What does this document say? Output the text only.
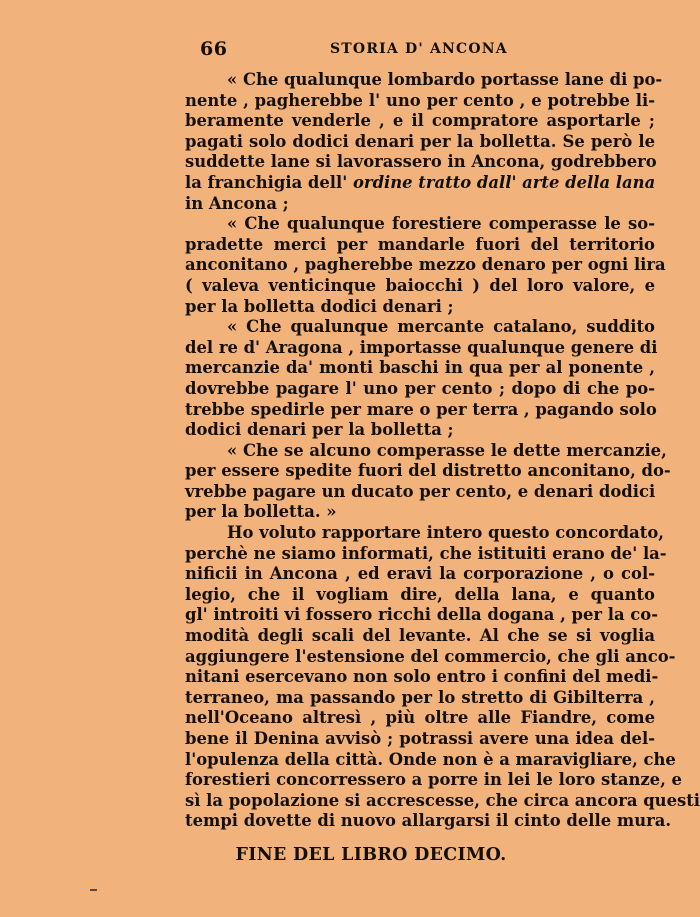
66	STORIA D' ANCONA
« Che qualunque lombardo portasse lane di po-
nente , pagherebbe l' uno per cento , e potrebbe li-
beramente venderle , e il compratore asportarle ;
pagati solo dodici denari per la bolletta. Se però le
suddette lane si lavorassero in Ancona, godrebbero
la franchigia dell' ordine tratto dall' arte della lana
in Ancona ;
« Che qualunque forestiere comperasse le so-
pradette merci per mandarle fuori del territorio
anconitano , pagherebbe mezzo denaro per ogni lira
( valeva venticinque baiocchi ) del loro valore, e
per la bolletta dodici denari ;
« Che qualunque mercante catalano, suddito
del re d' Aragona , importasse qualunque genere di
mercanzie da' monti baschi in qua per al ponente ,
dovrebbe pagare l' uno per cento ; dopo di che po-
trebbe spedirle per mare o per terra , pagando solo
dodici denari per la bolletta ;
« Che se alcuno comperasse le dette mercanzie,
per essere spedite fuori del distretto anconitano, do-
vrebbe pagare un ducato per cento, e denari dodici
per la bolletta. »
Ho voluto rapportare intero questo concordato,
perchè ne siamo informati, che istituiti erano de' la-
nificii in Ancona , ed eravi la corporazione , o col-
legio, che il vogliam dire, della lana, e quanto
gl' introiti vi fossero ricchi della dogana , per la co-
modità degli scali del levante. Al che se si voglia
aggiungere l'estensione del commercio, che gli anco-
nitani esercevano non solo entro i confini del medi-
terraneo, ma passando per lo stretto di Gibilterra ,
nell'Oceano altresì , più oltre alle Fiandre, come
bene il Denina avvisò ; potrassi avere una idea del-
l'opulenza della città. Onde non è a maravigliare, che
forestieri concorressero a porre in lei le loro stanze, e
sì la popolazione si accrescesse, che circa ancora questi
tempi dovette di nuovo allargarsi il cinto delle mura.
FINE DEL LIBRO DECIMO.
